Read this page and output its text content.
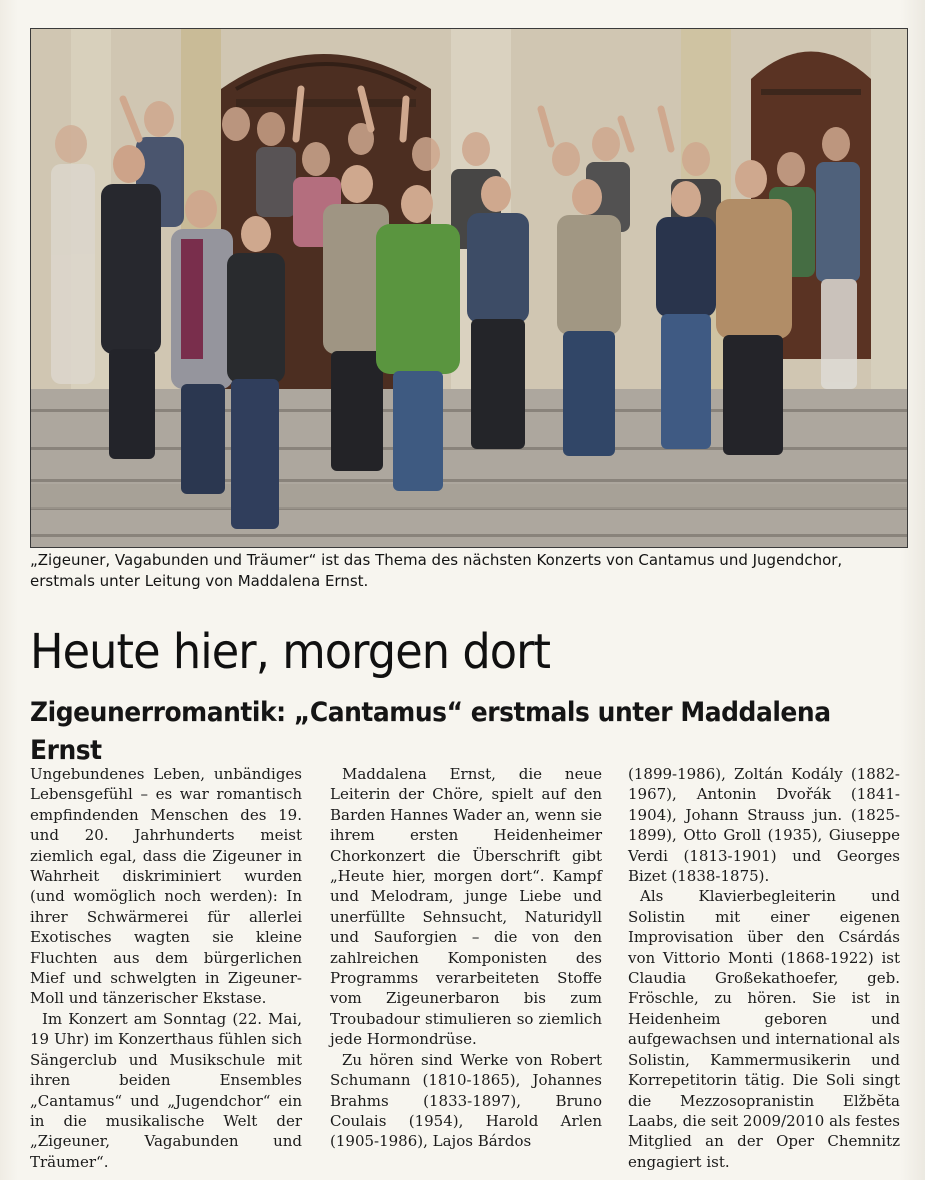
„Zigeuner, Vagabunden und Träumer“ ist das Thema des nächsten Konzerts von Cantamus und Jugendchor, erstmals unter Leitung von Maddalena Ernst.
Heute hier, morgen dort
Zigeunerromantik: „Cantamus“ erstmals unter Maddalena Ernst

Ungebundenes Leben, unbändiges Lebensgefühl – es war romantisch empfindenden Menschen des 19. und 20. Jahrhunderts meist ziemlich egal, dass die Zigeuner in Wahrheit diskriminiert wurden (und womöglich noch werden): In ihrer Schwärmerei für allerlei Exotisches wagten sie kleine Fluchten aus dem bürgerlichen Mief und schwelgten in Zigeuner-Moll und tänzerischer Ekstase.

Im Konzert am Sonntag (22. Mai, 19 Uhr) im Konzerthaus fühlen sich Sängerclub und Musikschule mit ihren beiden Ensembles „Cantamus“ und „Jugendchor“ ein in die musikalische Welt der „Zigeuner, Vagabunden und Träumer“.

Maddalena Ernst, die neue Leiterin der Chöre, spielt auf den Barden Hannes Wader an, wenn sie ihrem ersten Heidenheimer Chorkonzert die Überschrift gibt „Heute hier, morgen dort“. Kampf und Melodram, junge Liebe und unerfüllte Sehnsucht, Naturidyll und Sauforgien – die von den zahlreichen Komponisten des Programms verarbeiteten Stoffe vom Zigeunerbaron bis zum Troubadour stimulieren so ziemlich jede Hormondrüse.

Zu hören sind Werke von Robert Schumann (1810-1865), Johannes Brahms (1833-1897), Bruno Coulais (1954), Harold Arlen (1905-1986), Lajos Bárdos

(1899-1986), Zoltán Kodály (1882-1967), Antonin Dvořák (1841-1904), Johann Strauss jun. (1825-1899), Otto Groll (1935), Giuseppe Verdi (1813-1901) und Georges Bizet (1838-1875).

Als Klavierbegleiterin und Solistin mit einer eigenen Improvisation über den Csárdás von Vittorio Monti (1868-1922) ist Claudia Großekathoefer, geb. Fröschle, zu hören. Sie ist in Heidenheim geboren und aufgewachsen und international als Solistin, Kammermusikerin und Korrepetitorin tätig. Die Soli singt die Mezzosopranistin Elžbĕta Laabs, die seit 2009/2010 als festes Mitglied an der Oper Chemnitz engagiert ist.
